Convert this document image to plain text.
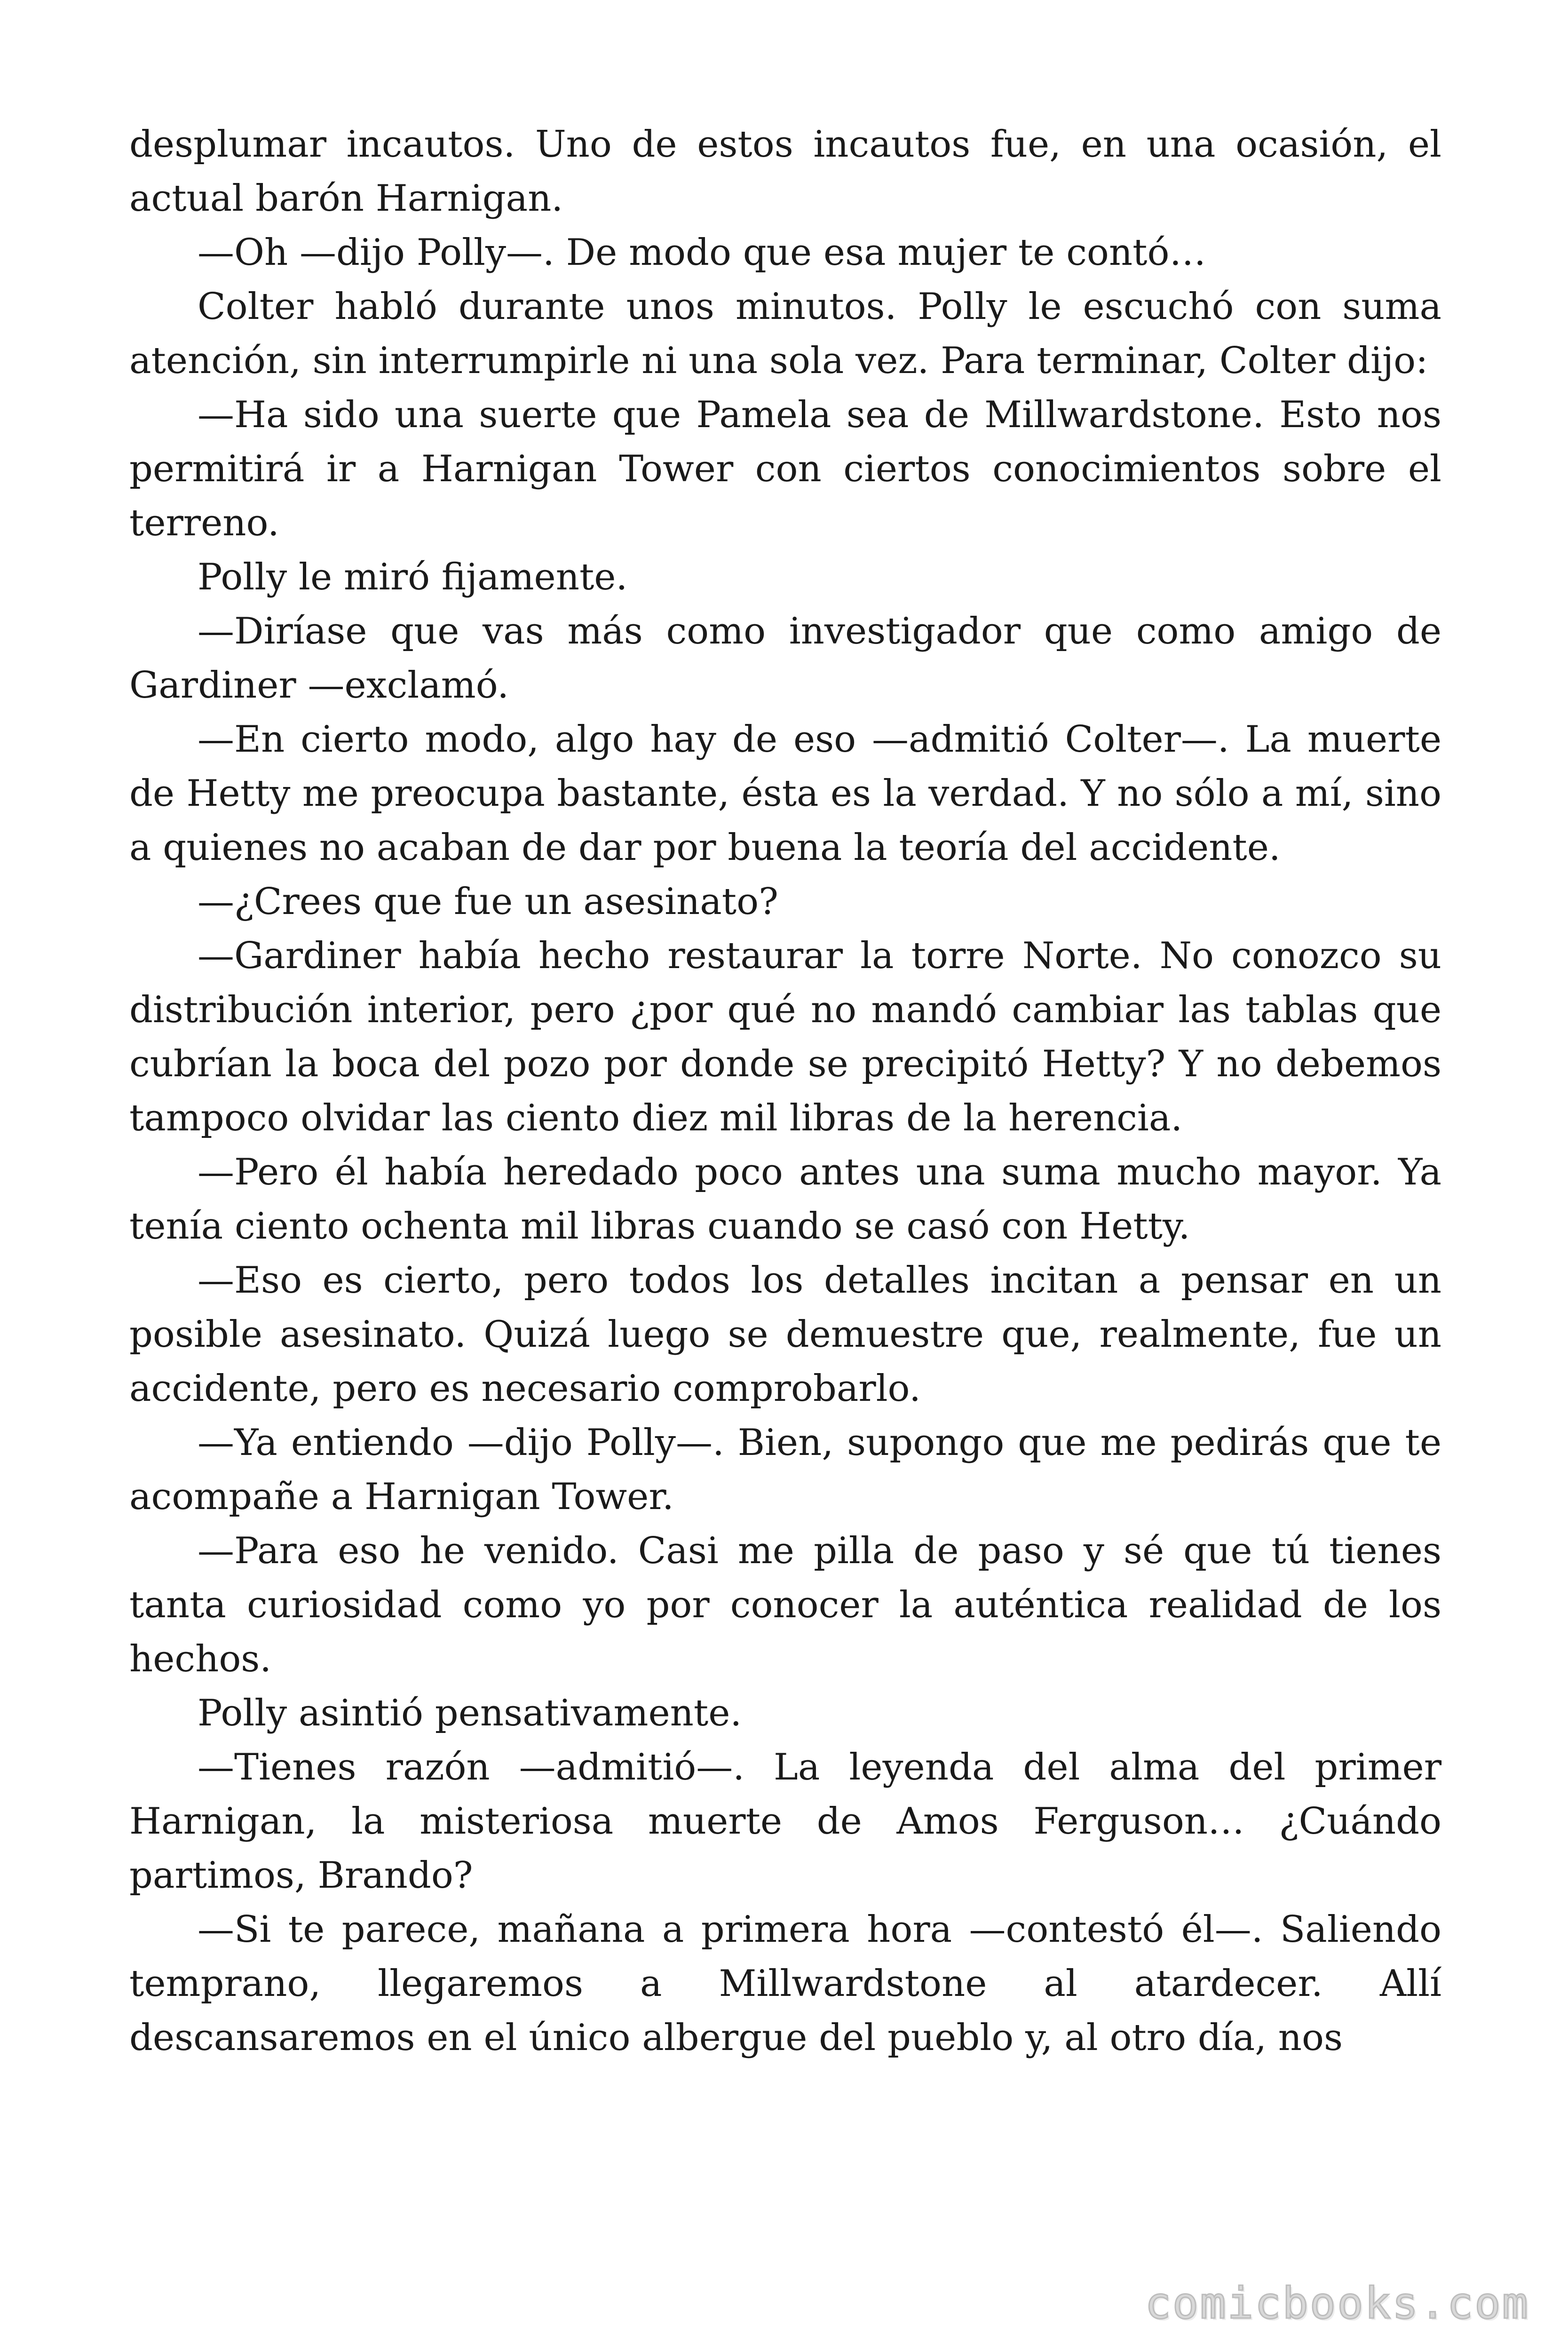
desplumar incautos. Uno de estos incautos fue, en una ocasión, el actual barón Harnigan.

—Oh —dijo Polly—. De modo que esa mujer te contó…

Colter habló durante unos minutos. Polly le escuchó con suma atención, sin interrumpirle ni una sola vez. Para terminar, Colter dijo:

—Ha sido una suerte que Pamela sea de Millwardstone. Esto nos permitirá ir a Harnigan Tower con ciertos conocimientos sobre el terreno.

Polly le miró fijamente.

—Diríase que vas más como investigador que como amigo de Gardiner —exclamó.

—En cierto modo, algo hay de eso —admitió Colter—. La muerte de Hetty me preocupa bastante, ésta es la verdad. Y no sólo a mí, sino a quienes no acaban de dar por buena la teoría del accidente.

—¿Crees que fue un asesinato?

—Gardiner había hecho restaurar la torre Norte. No conozco su distribución interior, pero ¿por qué no mandó cambiar las tablas que cubrían la boca del pozo por donde se precipitó Hetty? Y no debemos tampoco olvidar las ciento diez mil libras de la herencia.

—Pero él había heredado poco antes una suma mucho mayor. Ya tenía ciento ochenta mil libras cuando se casó con Hetty.

—Eso es cierto, pero todos los detalles incitan a pensar en un posible asesinato. Quizá luego se demuestre que, realmente, fue un accidente, pero es necesario comprobarlo.

—Ya entiendo —dijo Polly—. Bien, supongo que me pedirás que te acompañe a Harnigan Tower.

—Para eso he venido. Casi me pilla de paso y sé que tú tienes tanta curiosidad como yo por conocer la auténtica realidad de los hechos.

Polly asintió pensativamente.

—Tienes razón —admitió—. La leyenda del alma del primer Harnigan, la misteriosa muerte de Amos Ferguson… ¿Cuándo partimos, Brando?

—Si te parece, mañana a primera hora —contestó él—. Saliendo temprano, llegaremos a Millwardstone al atardecer. Allí descansaremos en el único albergue del pueblo y, al otro día, nos

comicbooks.com
